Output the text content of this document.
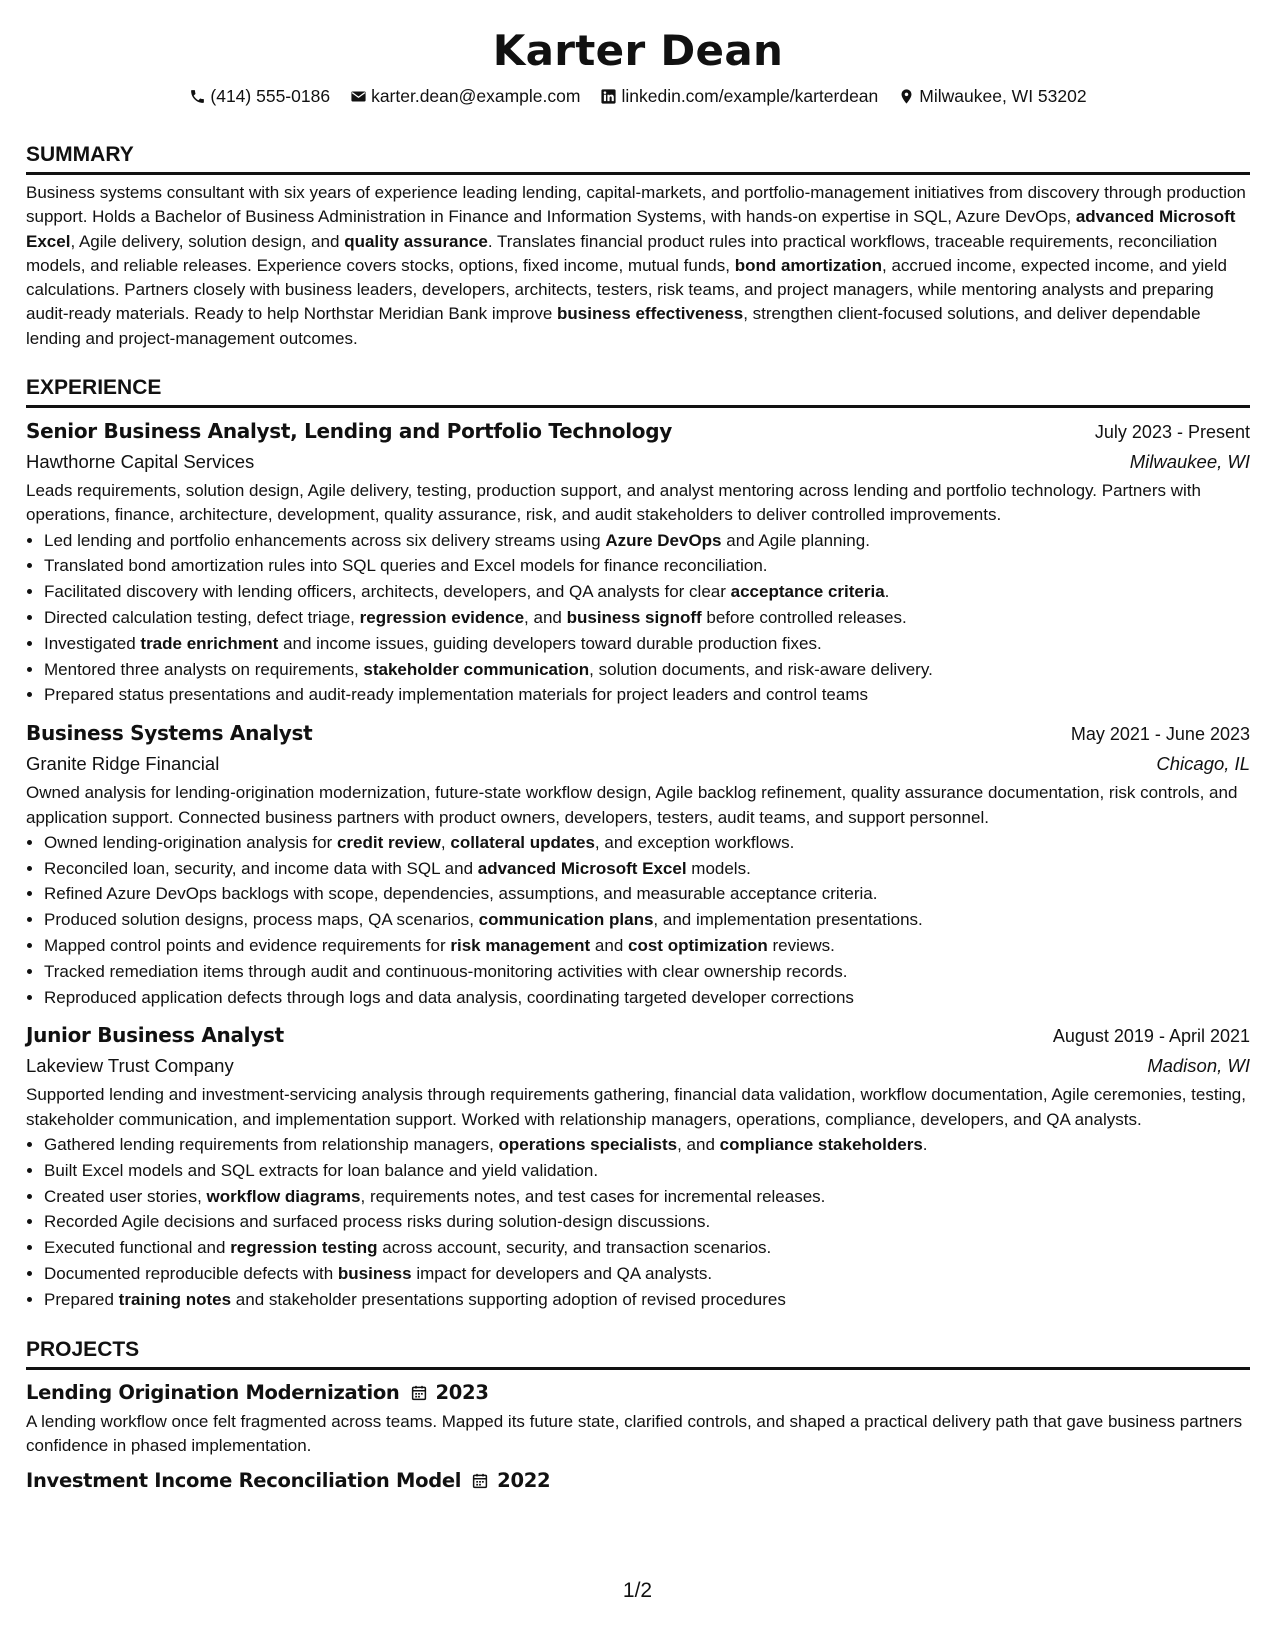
Karter Dean
(414) 555-0186 karter.dean@example.com linkedin.com/example/karterdean Milwaukee, WI 53202
SUMMARY
Business systems consultant with six years of experience leading lending, capital-markets, and portfolio-management initiatives from discovery through production support. Holds a Bachelor of Business Administration in Finance and Information Systems, with hands-on expertise in SQL, Azure DevOps, advanced Microsoft Excel, Agile delivery, solution design, and quality assurance. Translates financial product rules into practical workflows, traceable requirements, reconciliation models, and reliable releases. Experience covers stocks, options, fixed income, mutual funds, bond amortization, accrued income, expected income, and yield calculations. Partners closely with business leaders, developers, architects, testers, risk teams, and project managers, while mentoring analysts and preparing audit-ready materials. Ready to help Northstar Meridian Bank improve business effectiveness, strengthen client-focused solutions, and deliver dependable lending and project-management outcomes.
EXPERIENCE
Senior Business Analyst, Lending and Portfolio Technology	July 2023 - Present
Hawthorne Capital Services	Milwaukee, WI
Leads requirements, solution design, Agile delivery, testing, production support, and analyst mentoring across lending and portfolio technology. Partners with operations, finance, architecture, development, quality assurance, risk, and audit stakeholders to deliver controlled improvements.
• Led lending and portfolio enhancements across six delivery streams using Azure DevOps and Agile planning.
• Translated bond amortization rules into SQL queries and Excel models for finance reconciliation.
• Facilitated discovery with lending officers, architects, developers, and QA analysts for clear acceptance criteria.
• Directed calculation testing, defect triage, regression evidence, and business signoff before controlled releases.
• Investigated trade enrichment and income issues, guiding developers toward durable production fixes.
• Mentored three analysts on requirements, stakeholder communication, solution documents, and risk-aware delivery.
• Prepared status presentations and audit-ready implementation materials for project leaders and control teams
Business Systems Analyst	May 2021 - June 2023
Granite Ridge Financial	Chicago, IL
Owned analysis for lending-origination modernization, future-state workflow design, Agile backlog refinement, quality assurance documentation, risk controls, and application support. Connected business partners with product owners, developers, testers, audit teams, and support personnel.
• Owned lending-origination analysis for credit review, collateral updates, and exception workflows.
• Reconciled loan, security, and income data with SQL and advanced Microsoft Excel models.
• Refined Azure DevOps backlogs with scope, dependencies, assumptions, and measurable acceptance criteria.
• Produced solution designs, process maps, QA scenarios, communication plans, and implementation presentations.
• Mapped control points and evidence requirements for risk management and cost optimization reviews.
• Tracked remediation items through audit and continuous-monitoring activities with clear ownership records.
• Reproduced application defects through logs and data analysis, coordinating targeted developer corrections
Junior Business Analyst	August 2019 - April 2021
Lakeview Trust Company	Madison, WI
Supported lending and investment-servicing analysis through requirements gathering, financial data validation, workflow documentation, Agile ceremonies, testing, stakeholder communication, and implementation support. Worked with relationship managers, operations, compliance, developers, and QA analysts.
• Gathered lending requirements from relationship managers, operations specialists, and compliance stakeholders.
• Built Excel models and SQL extracts for loan balance and yield validation.
• Created user stories, workflow diagrams, requirements notes, and test cases for incremental releases.
• Recorded Agile decisions and surfaced process risks during solution-design discussions.
• Executed functional and regression testing across account, security, and transaction scenarios.
• Documented reproducible defects with business impact for developers and QA analysts.
• Prepared training notes and stakeholder presentations supporting adoption of revised procedures
PROJECTS
Lending Origination Modernization 2023
A lending workflow once felt fragmented across teams. Mapped its future state, clarified controls, and shaped a practical delivery path that gave business partners confidence in phased implementation.
Investment Income Reconciliation Model 2022
1/2
